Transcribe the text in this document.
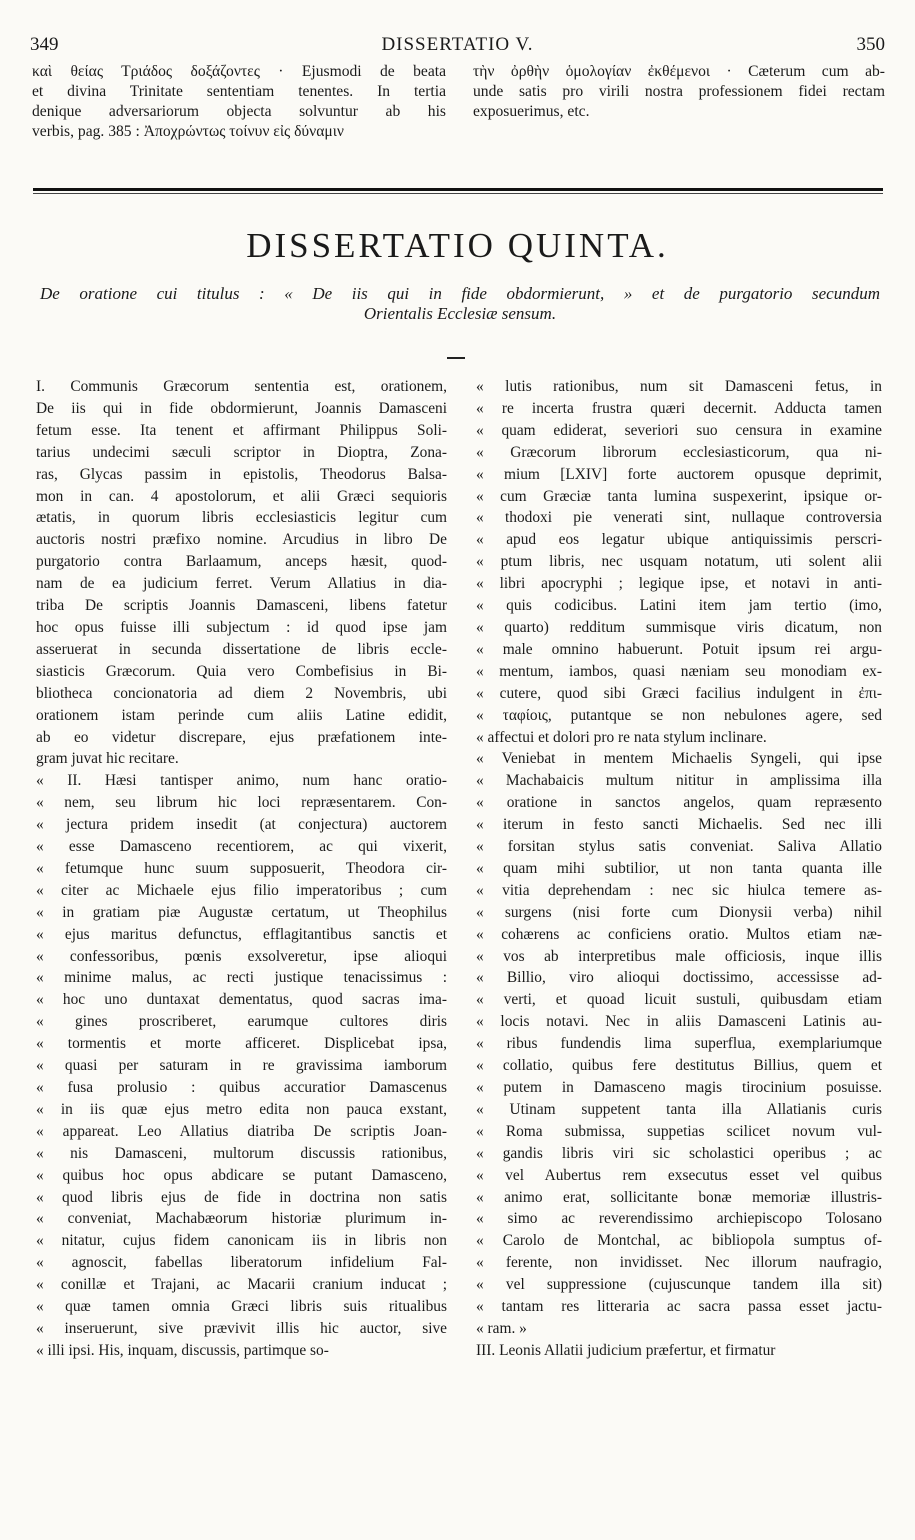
349	DISSERTATIO V.	350
καὶ θείας Τριάδος δοξάζοντες · Ejusmodi de beata
et divina Trinitate sententiam tenentes. In tertia
denique adversariorum objecta solvuntur ab his
verbis, pag. 385 : Ἀποχρώντως τοίνυν εἰς δύναμιν
τὴν ὀρθὴν ὁμολογίαν ἐκθέμενοι · Cæterum cum ab-
unde satis pro virili nostra professionem fidei rectam
exposuerimus, etc.
DISSERTATIO QUINTA.
De oratione cui titulus : « De iis qui in fide obdormierunt, » et de purgatorio secundum
Orientalis Ecclesiæ sensum.
I. Communis Græcorum sententia est, orationem,
De iis qui in fide obdormierunt, Joannis Damasceni
fetum esse. Ita tenent et affirmant Philippus Soli-
tarius undecimi sæculi scriptor in Dioptra, Zona-
ras, Glycas passim in epistolis, Theodorus Balsa-
mon in can. 4 apostolorum, et alii Græci sequioris
ætatis, in quorum libris ecclesiasticis legitur cum
auctoris nostri præfixo nomine. Arcudius in libro De
purgatorio contra Barlaamum, anceps hæsit, quod-
nam de ea judicium ferret. Verum Allatius in dia-
triba De scriptis Joannis Damasceni, libens fatetur
hoc opus fuisse illi subjectum : id quod ipse jam
asseruerat in secunda dissertatione de libris eccle-
siasticis Græcorum. Quia vero Combefisius in Bi-
bliotheca concionatoria ad diem 2 Novembris, ubi
orationem istam perinde cum aliis Latine edidit,
ab eo videtur discrepare, ejus præfationem inte-
gram juvat hic recitare.
« II. Hæsi tantisper animo, num hanc oratio-
« nem, seu librum hic loci repræsentarem. Con-
« jectura pridem insedit (at conjectura) auctorem
« esse Damasceno recentiorem, ac qui vixerit,
« fetumque hunc suum supposuerit, Theodora cir-
« citer ac Michaele ejus filio imperatoribus ; cum
« in gratiam piæ Augustæ certatum, ut Theophilus
« ejus maritus defunctus, efflagitantibus sanctis et
« confessoribus, pœnis exsolveretur, ipse alioqui
« minime malus, ac recti justique tenacissimus :
« hoc uno duntaxat dementatus, quod sacras ima-
« gines proscriberet, earumque cultores diris
« tormentis et morte afficeret. Displicebat ipsa,
« quasi per saturam in re gravissima iamborum
« fusa prolusio : quibus accuratior Damascenus
« in iis quæ ejus metro edita non pauca exstant,
« appareat. Leo Allatius diatriba De scriptis Joan-
« nis Damasceni, multorum discussis rationibus,
« quibus hoc opus abdicare se putant Damasceno,
« quod libris ejus de fide in doctrina non satis
« conveniat, Machabæorum historiæ plurimum in-
« nitatur, cujus fidem canonicam iis in libris non
« agnoscit, fabellas liberatorum infidelium Fal-
« conillæ et Trajani, ac Macarii cranium inducat ;
« quæ tamen omnia Græci libris suis ritualibus
« inseruerunt, sive prævivit illis hic auctor, sive
« illi ipsi. His, inquam, discussis, partimque so-
« lutis rationibus, num sit Damasceni fetus, in
« re incerta frustra quæri decernit. Adducta tamen
« quam ediderat, severiori suo censura in examine
« Græcorum librorum ecclesiasticorum, qua ni-
« mium [LXIV] forte auctorem opusque deprimit,
« cum Græciæ tanta lumina suspexerint, ipsique or-
« thodoxi pie venerati sint, nullaque controversia
« apud eos legatur ubique antiquissimis perscri-
« ptum libris, nec usquam notatum, uti solent alii
« libri apocryphi ; legique ipse, et notavi in anti-
« quis codicibus. Latini item jam tertio (imo,
« quarto) redditum summisque viris dicatum, non
« male omnino habuerunt. Potuit ipsum rei argu-
« mentum, iambos, quasi næniam seu monodiam ex-
« cutere, quod sibi Græci facilius indulgent in ἐπι-
« ταφίοις, putantque se non nebulones agere, sed
« affectui et dolori pro re nata stylum inclinare.
« Veniebat in mentem Michaelis Syngeli, qui ipse
« Machabaicis multum nititur in amplissima illa
« oratione in sanctos angelos, quam repræsento
« iterum in festo sancti Michaelis. Sed nec illi
« forsitan stylus satis conveniat. Saliva Allatio
« quam mihi subtilior, ut non tanta quanta ille
« vitia deprehendam : nec sic hiulca temere as-
« surgens (nisi forte cum Dionysii verba) nihil
« cohærens ac conficiens oratio. Multos etiam næ-
« vos ab interpretibus male officiosis, inque illis
« Billio, viro alioqui doctissimo, accessisse ad-
« verti, et quoad licuit sustuli, quibusdam etiam
« locis notavi. Nec in aliis Damasceni Latinis au-
« ribus fundendis lima superflua, exemplariumque
« collatio, quibus fere destitutus Billius, quem et
« putem in Damasceno magis tirocinium posuisse.
« Utinam suppetent tanta illa Allatianis curis
« Roma submissa, suppetias scilicet novum vul-
« gandis libris viri sic scholastici operibus ; ac
« vel Aubertus rem exsecutus esset vel quibus
« animo erat, sollicitante bonæ memoriæ illustris-
« simo ac reverendissimo archiepiscopo Tolosano
« Carolo de Montchal, ac bibliopola sumptus of-
« ferente, non invidisset. Nec illorum naufragio,
« vel suppressione (cujuscunque tandem illa sit)
« tantam res litteraria ac sacra passa esset jactu-
« ram. »
III. Leonis Allatii judicium præfertur, et firmatur
